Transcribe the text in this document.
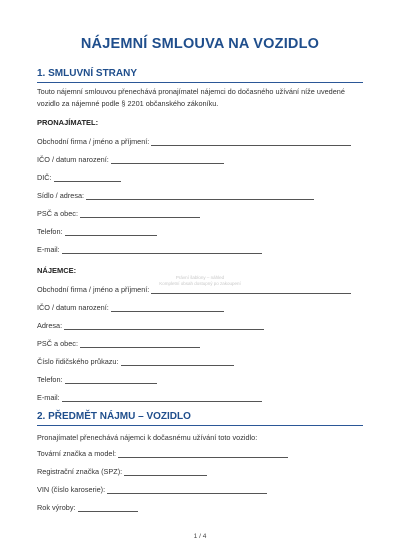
NÁJEMNÍ SMLOUVA NA VOZIDLO
1. SMLUVNÍ STRANY
Touto nájemní smlouvou přenechává pronajímatel nájemci do dočasného užívání níže uvedené
vozidlo za nájemné podle § 2201 občanského zákoníku.
PRONAJÍMATEL:
Obchodní firma / jméno a příjmení:
IČO / datum narození:
DIČ:
Sídlo / adresa:
PSČ a obec:
Telefon:
E-mail:
Právní šablony – náhled
Kompletní obsah dostupný po zakoupení
NÁJEMCE:
Obchodní firma / jméno a příjmení:
IČO / datum narození:
Adresa:
PSČ a obec:
Číslo řidičského průkazu:
Telefon:
E-mail:
2. PŘEDMĚT NÁJMU – VOZIDLO
Pronajímatel přenechává nájemci k dočasnému užívání toto vozidlo:
Tovární značka a model:
Registrační značka (SPZ):
VIN (číslo karoserie):
Rok výroby:
1 / 4
